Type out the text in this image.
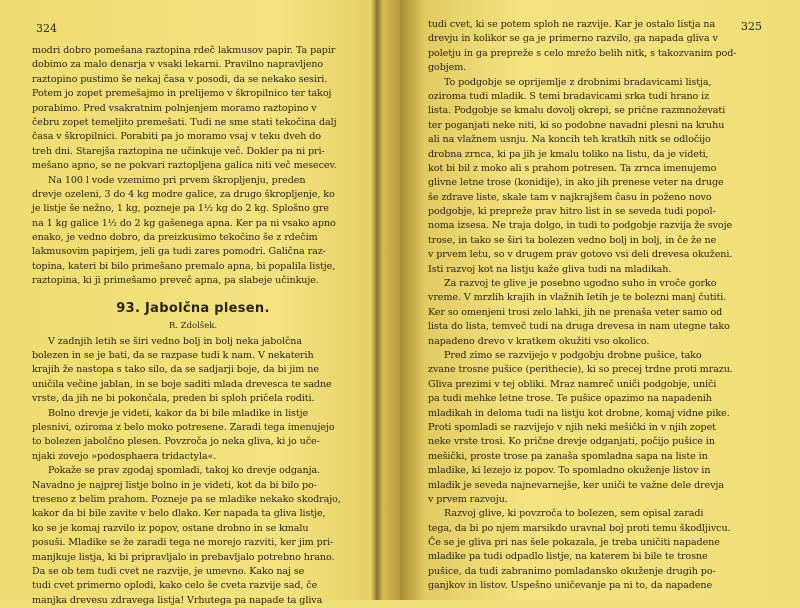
324
modri dobro pomešana raztopina rdeč lakmusov papir. Ta papir
dobimo za malo denarja v vsaki lekarni. Pravilno napravljeno
raztopino pustimo še nekaj časa v posodi, da se nekako sesiri.
Potem jo zopet premešajmo in prelijemo v škropilnico ter takoj
porabimo. Pred vsakratnim polnjenjem moramo raztopino v
čebru zopet temeljito premešati. Tudi ne sme stati tekočina dalj
časa v škropilnici. Porabiti pa jo moramo vsaj v teku dveh do
treh dni. Starejša raztopina ne učinkuje več. Dokler pa ni pri-
mešano apno, se ne pokvari raztopljena galica niti več mesecev.
Na 100 l vode vzemimo pri prvem škropljenju, preden
drevje ozeleni, 3 do 4 kg modre galice, za drugo škropljenje, ko
je listje še nežno, 1 kg, pozneje pa 1½ kg do 2 kg. Splošno gre
na 1 kg galice 1½ do 2 kg gašenega apna. Ker pa ni vsako apno
enako, je vedno dobro, da preizkusimo tekočino še z rdečim
lakmusovim papirjem, jeli ga tudi zares pomodri. Galična raz-
topina, kateri bi bilo primešano premalo apna, bi popalila listje,
raztopina, ki ji primešamo preveč apna, pa slabeje učinkuje.
93. Jabolčna plesen.
R. Zdolšek.
V zadnjih letih se širi vedno bolj in bolj neka jabolčna
bolezen in se je bati, da se razpase tudi k nam. V nekaterih
krajih že nastopa s tako silo, da se sadjarji boje, da bi jim ne
uničila večine jablan, in se boje saditi mlada drevesca te sadne
vrste, da jih ne bi pokončala, preden bi sploh pričela roditi.
Bolno drevje je videti, kakor da bi bile mladike in listje
plesnivi, oziroma z belo moko potresene. Zaradi tega imenujejo
to bolezen jabolčno plesen. Povzroča jo neka gliva, ki jo uče-
njaki zovejo »podosphaera tridactyla«.
Pokaže se prav zgodaj spomladi, takoj ko drevje odganja.
Navadno je najprej listje bolno in je videti, kot da bi bilo po-
treseno z belim prahom. Pozneje pa se mladike nekako skodrajo,
kakor da bi bile zavite v belo dlako. Ker napada ta gliva listje,
ko se je komaj razvilo iz popov, ostane drobno in se kmalu
posuši. Mladike se že zaradi tega ne morejo razviti, ker jim pri-
manjkuje listja, ki bi pripravljalo in prebavljalo potrebno hrano.
Da se ob tem tudi cvet ne razvije, je umevno. Kako naj se
tudi cvet primerno oplodi, kako celo še cveta razvije sad, če
manjka drevesu zdravega listja! Vrhutega pa napade ta gliva
325
tudi cvet, ki se potem sploh ne razvije. Kar je ostalo listja na
drevju in kolikor se ga je primerno razvilo, ga napada gliva v
poletju in ga prepreže s celo mrežo belih nitk, s takozvanim pod-
gobjem.
To podgobje se oprijemlje z drobnimi bradavicami listja,
oziroma tudi mladik. S temi bradavicami srka tudi hrano iz
lista. Podgobje se kmalu dovolj okrepi, se prične razmnoževati
ter poganjati neke niti, ki so podobne navadni plesni na kruhu
ali na vlažnem usnju. Na koncih teh kratkih nitk se odločijo
drobna zrnca, ki pa jih je kmalu toliko na listu, da je videti,
kot bi bil z moko ali s prahom potresen. Ta zrnca imenujemo
glivne letne trose (konidije), in ako jih prenese veter na druge
še zdrave liste, skale tam v najkrajšem času in poženo novo
podgobje, ki prepreže prav hitro list in se seveda tudi popol-
noma izsesa. Ne traja dolgo, in tudi to podgobje razvija že svoje
trose, in tako se širi ta bolezen vedno bolj in bolj, in če že ne
v prvem letu, so v drugem prav gotovo vsi deli drevesa okuženi.
Isti razvoj kot na listju kaže gliva tudi na mladikah.
Za razvoj te glive je posebno ugodno suho in vroče gorko
vreme. V mrzlih krajih in vlažnih letih je te bolezni manj čutiti.
Ker so omenjeni trosi zelo lahki, jih ne prenaša veter samo od
lista do lista, temveč tudi na druga drevesa in nam utegne tako
napadeno drevo v kratkem okužiti vso okolico.
Pred zimo se razvijejo v podgobju drobne pušice, tako
zvane trosne pušice (perithecie), ki so precej trdne proti mrazu.
Gliva prezimi v tej obliki. Mraz namreč uniči podgobje, uniči
pa tudi mehke letne trose. Te pušice opazimo na napadenih
mladikah in deloma tudi na listju kot drobne, komaj vidne pike.
Proti spomladi se razvijejo v njih neki mešički in v njih zopet
neke vrste trosi. Ko prične drevje odganjati, počijo pušice in
mešički, proste trose pa zanaša spomladna sapa na liste in
mladike, ki lezejo iz popov. To spomladno okuženje listov in
mladik je seveda najnevarnejše, ker uniči te važne dele drevja
v prvem razvoju.
Razvoj glive, ki povzroča to bolezen, sem opisal zaradi
tega, da bi po njem marsikdo uravnal boj proti temu škodljivcu.
Če se je gliva pri nas šele pokazala, je treba uničiti napadene
mladike pa tudi odpadlo listje, na katerem bi bile te trosne
pušice, da tudi zabranimo pomladansko okuženje drugih po-
ganjkov in listov. Uspešno uničevanje pa ni to, da napadene
